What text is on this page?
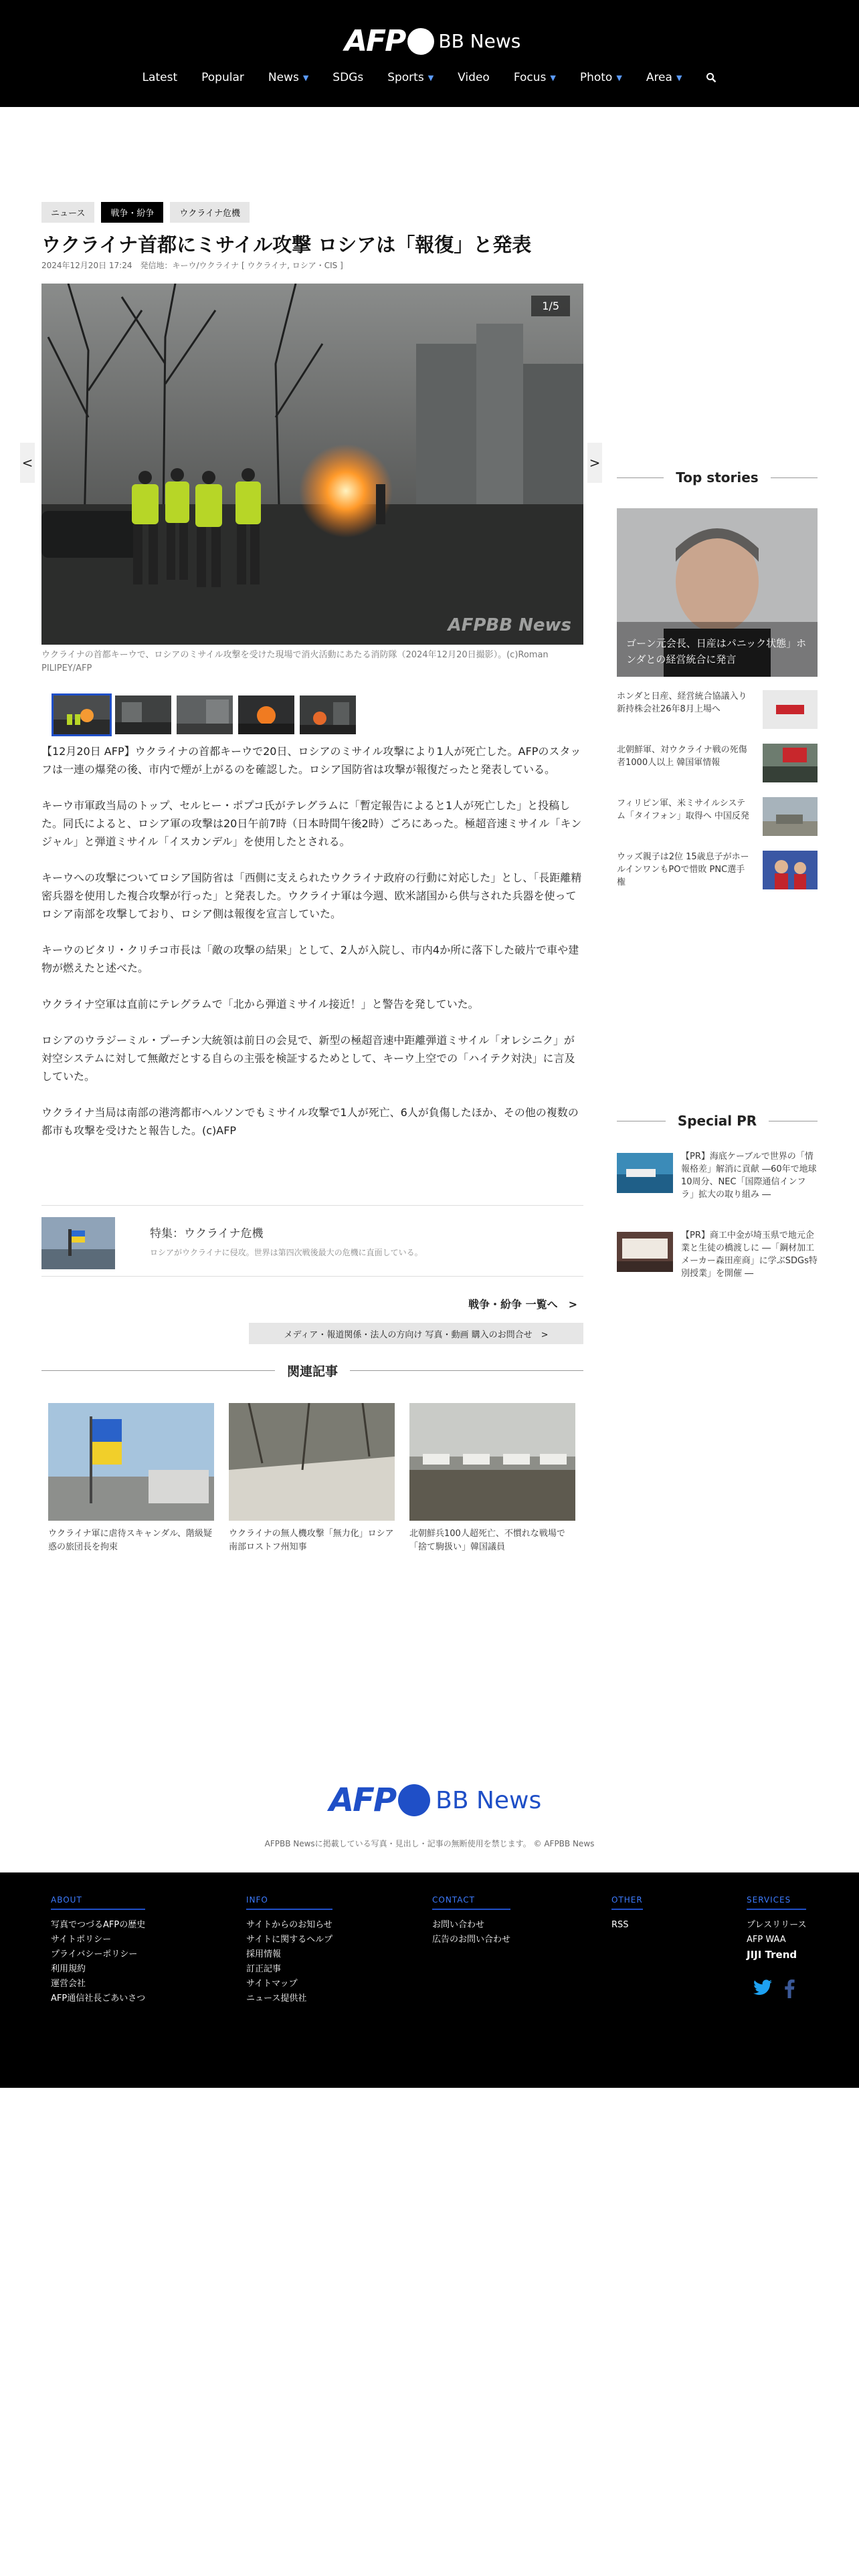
AFP BB News
Latest Popular News ▼ SDGs Sports ▼ Video Focus ▼ Photo ▼ Area ▼
ニュース	戦争・紛争	ウクライナ危機
ウクライナ首都にミサイル攻撃 ロシアは「報復」と発表
2024年12月20日 17:24　発信地：キーウ/ウクライナ [ ウクライナ, ロシア・CIS ]
<	>
1/5
AFPBB News
ウクライナの首都キーウで、ロシアのミサイル攻撃を受けた現場で消火活動にあたる消防隊（2024年12月20日撮影）。(c)Roman PILIPEY/AFP

【12月20日 AFP】ウクライナの首都キーウで20日、ロシアのミサイル攻撃により1人が死亡した。AFPのスタッフは一連の爆発の後、市内で煙が上がるのを確認した。ロシア国防省は攻撃が報復だったと発表している。

キーウ市軍政当局のトップ、セルヒー・ポプコ氏がテレグラムに「暫定報告によると1人が死亡した」と投稿した。同氏によると、ロシア軍の攻撃は20日午前7時（日本時間午後2時）ごろにあった。極超音速ミサイル「キンジャル」と弾道ミサイル「イスカンデル」を使用したとされる。

キーウへの攻撃についてロシア国防省は「西側に支えられたウクライナ政府の行動に対応した」とし、「長距離精密兵器を使用した複合攻撃が行った」と発表した。ウクライナ軍は今週、欧米諸国から供与された兵器を使ってロシア南部を攻撃しており、ロシア側は報復を宣言していた。

キーウのビタリ・クリチコ市長は「敵の攻撃の結果」として、2人が入院し、市内4か所に落下した破片で車や建物が燃えたと述べた。

ウクライナ空軍は直前にテレグラムで「北から弾道ミサイル接近！」と警告を発していた。

ロシアのウラジーミル・プーチン大統領は前日の会見で、新型の極超音速中距離弾道ミサイル「オレシニク」が対空システムに対して無敵だとする自らの主張を検証するためとして、キーウ上空での「ハイテク対決」に言及していた。

ウクライナ当局は南部の港湾都市ヘルソンでもミサイル攻撃で1人が死亡、6人が負傷したほか、その他の複数の都市も攻撃を受けたと報告した。(c)AFP

特集：ウクライナ危機
ロシアがウクライナに侵攻。世界は第四次戦後最大の危機に直面している。
戦争・紛争 一覧へ　>
メディア・報道関係・法人の方向け 写真・動画 購入のお問合せ　>
関連記事
ウクライナ軍に虐待スキャンダル、階級疑惑の旅団長を拘束
ウクライナの無人機攻撃「無力化」ロシア南部ロストフ州知事
北朝鮮兵100人超死亡、不慣れな戦場で「捨て駒扱い」韓国議員
Top stories
ゴーン元会長、日産はパニック状態」ホンダとの経営統合に発言
ホンダと日産、経営統合協議入り 新持株会社26年8月上場へ
北朝鮮軍、対ウクライナ戦の死傷者1000人以上 韓国軍情報
フィリピン軍、米ミサイルシステム「タイフォン」取得へ 中国反発
ウッズ親子は2位 15歳息子がホールインワンもPOで惜敗 PNC選手権
Special PR
【PR】海底ケーブルで世界の「情報格差」解消に貢献 ―60年で地球10周分、NEC「国際通信インフラ」拡大の取り組み ―
【PR】商工中金が埼玉県で地元企業と生徒の橋渡しに ―「鋼材加工メーカー森田産商」に学ぶSDGs特別授業」を開催 ―
AFP BB News
AFPBB Newsに掲載している写真・見出し・記事の無断使用を禁じます。 © AFPBB News
ABOUT
写真でつづるAFPの歴史
サイトポリシー
プライバシーポリシー
利用規約
運営会社
AFP通信社長ごあいさつ
INFO
サイトからのお知らせ
サイトに関するヘルプ
採用情報
訂正記事
サイトマップ
ニュース提供社
CONTACT
お問い合わせ
広告のお問い合わせ
OTHER
RSS
SERVICES
プレスリリース
AFP WAA
JIJI Trend
